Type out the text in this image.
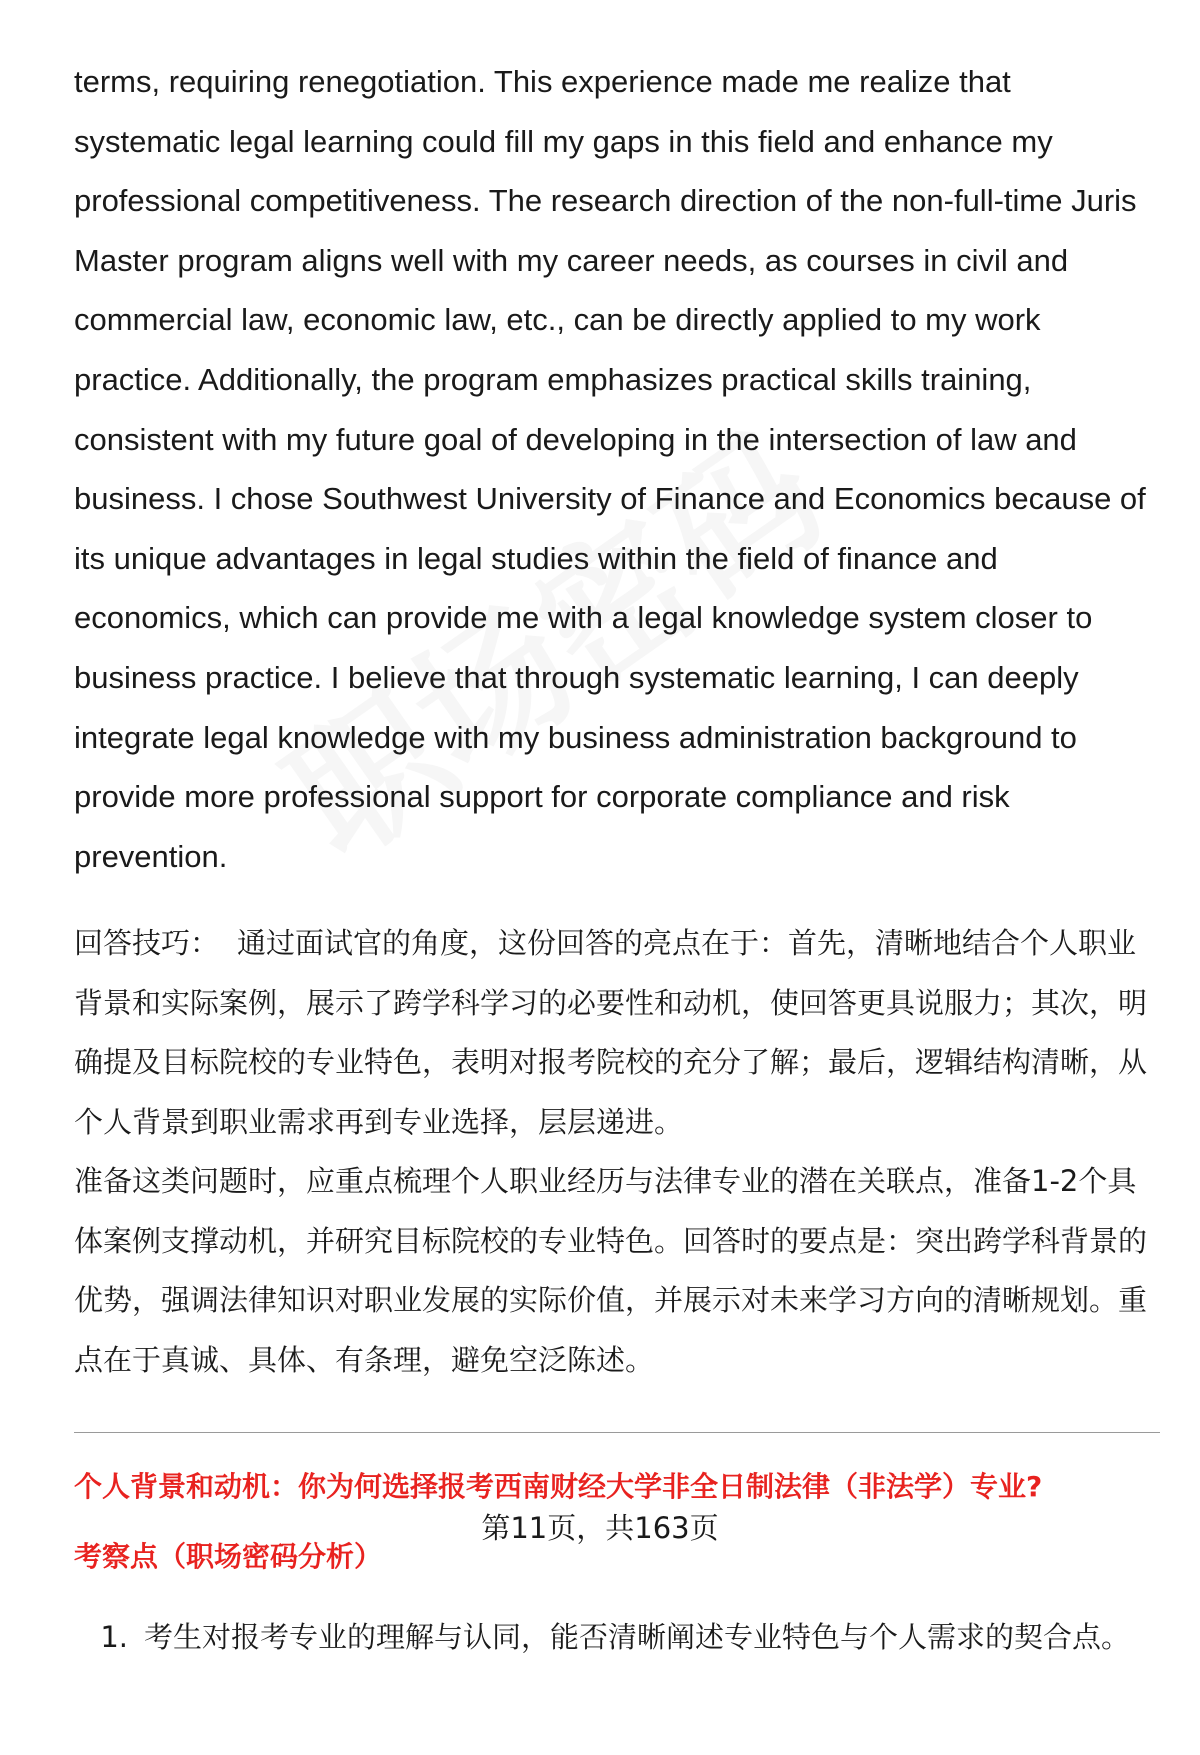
terms, requiring renegotiation. This experience made me realize that systematic legal learning could fill my gaps in this field and enhance my professional competitiveness. The research direction of the non-full-time Juris Master program aligns well with my career needs, as courses in civil and commercial law, economic law, etc., can be directly applied to my work practice. Additionally, the program emphasizes practical skills training, consistent with my future goal of developing in the intersection of law and business. I chose Southwest University of Finance and Economics because of its unique advantages in legal studies within the field of finance and economics, which can provide me with a legal knowledge system closer to business practice. I believe that through systematic learning, I can deeply integrate legal knowledge with my business administration background to provide more professional support for corporate compliance and risk prevention.

回答技巧： 通过面试官的角度，这份回答的亮点在于：首先，清晰地结合个人职业背景和实际案例，展示了跨学科学习的必要性和动机，使回答更具说服力；其次，明确提及目标院校的专业特色，表明对报考院校的充分了解；最后，逻辑结构清晰，从个人背景到职业需求再到专业选择，层层递进。

准备这类问题时，应重点梳理个人职业经历与法律专业的潜在关联点，准备1-2个具体案例支撑动机，并研究目标院校的专业特色。回答时的要点是：突出跨学科背景的优势，强调法律知识对职业发展的实际价值，并展示对未来学习方向的清晰规划。重点在于真诚、具体、有条理，避免空泛陈述。

个人背景和动机：你为何选择报考西南财经大学非全日制法律（非法学）专业?
考察点（职场密码分析）
1. 考生对报考专业的理解与认同，能否清晰阐述专业特色与个人需求的契合点。
第11页，共163页
